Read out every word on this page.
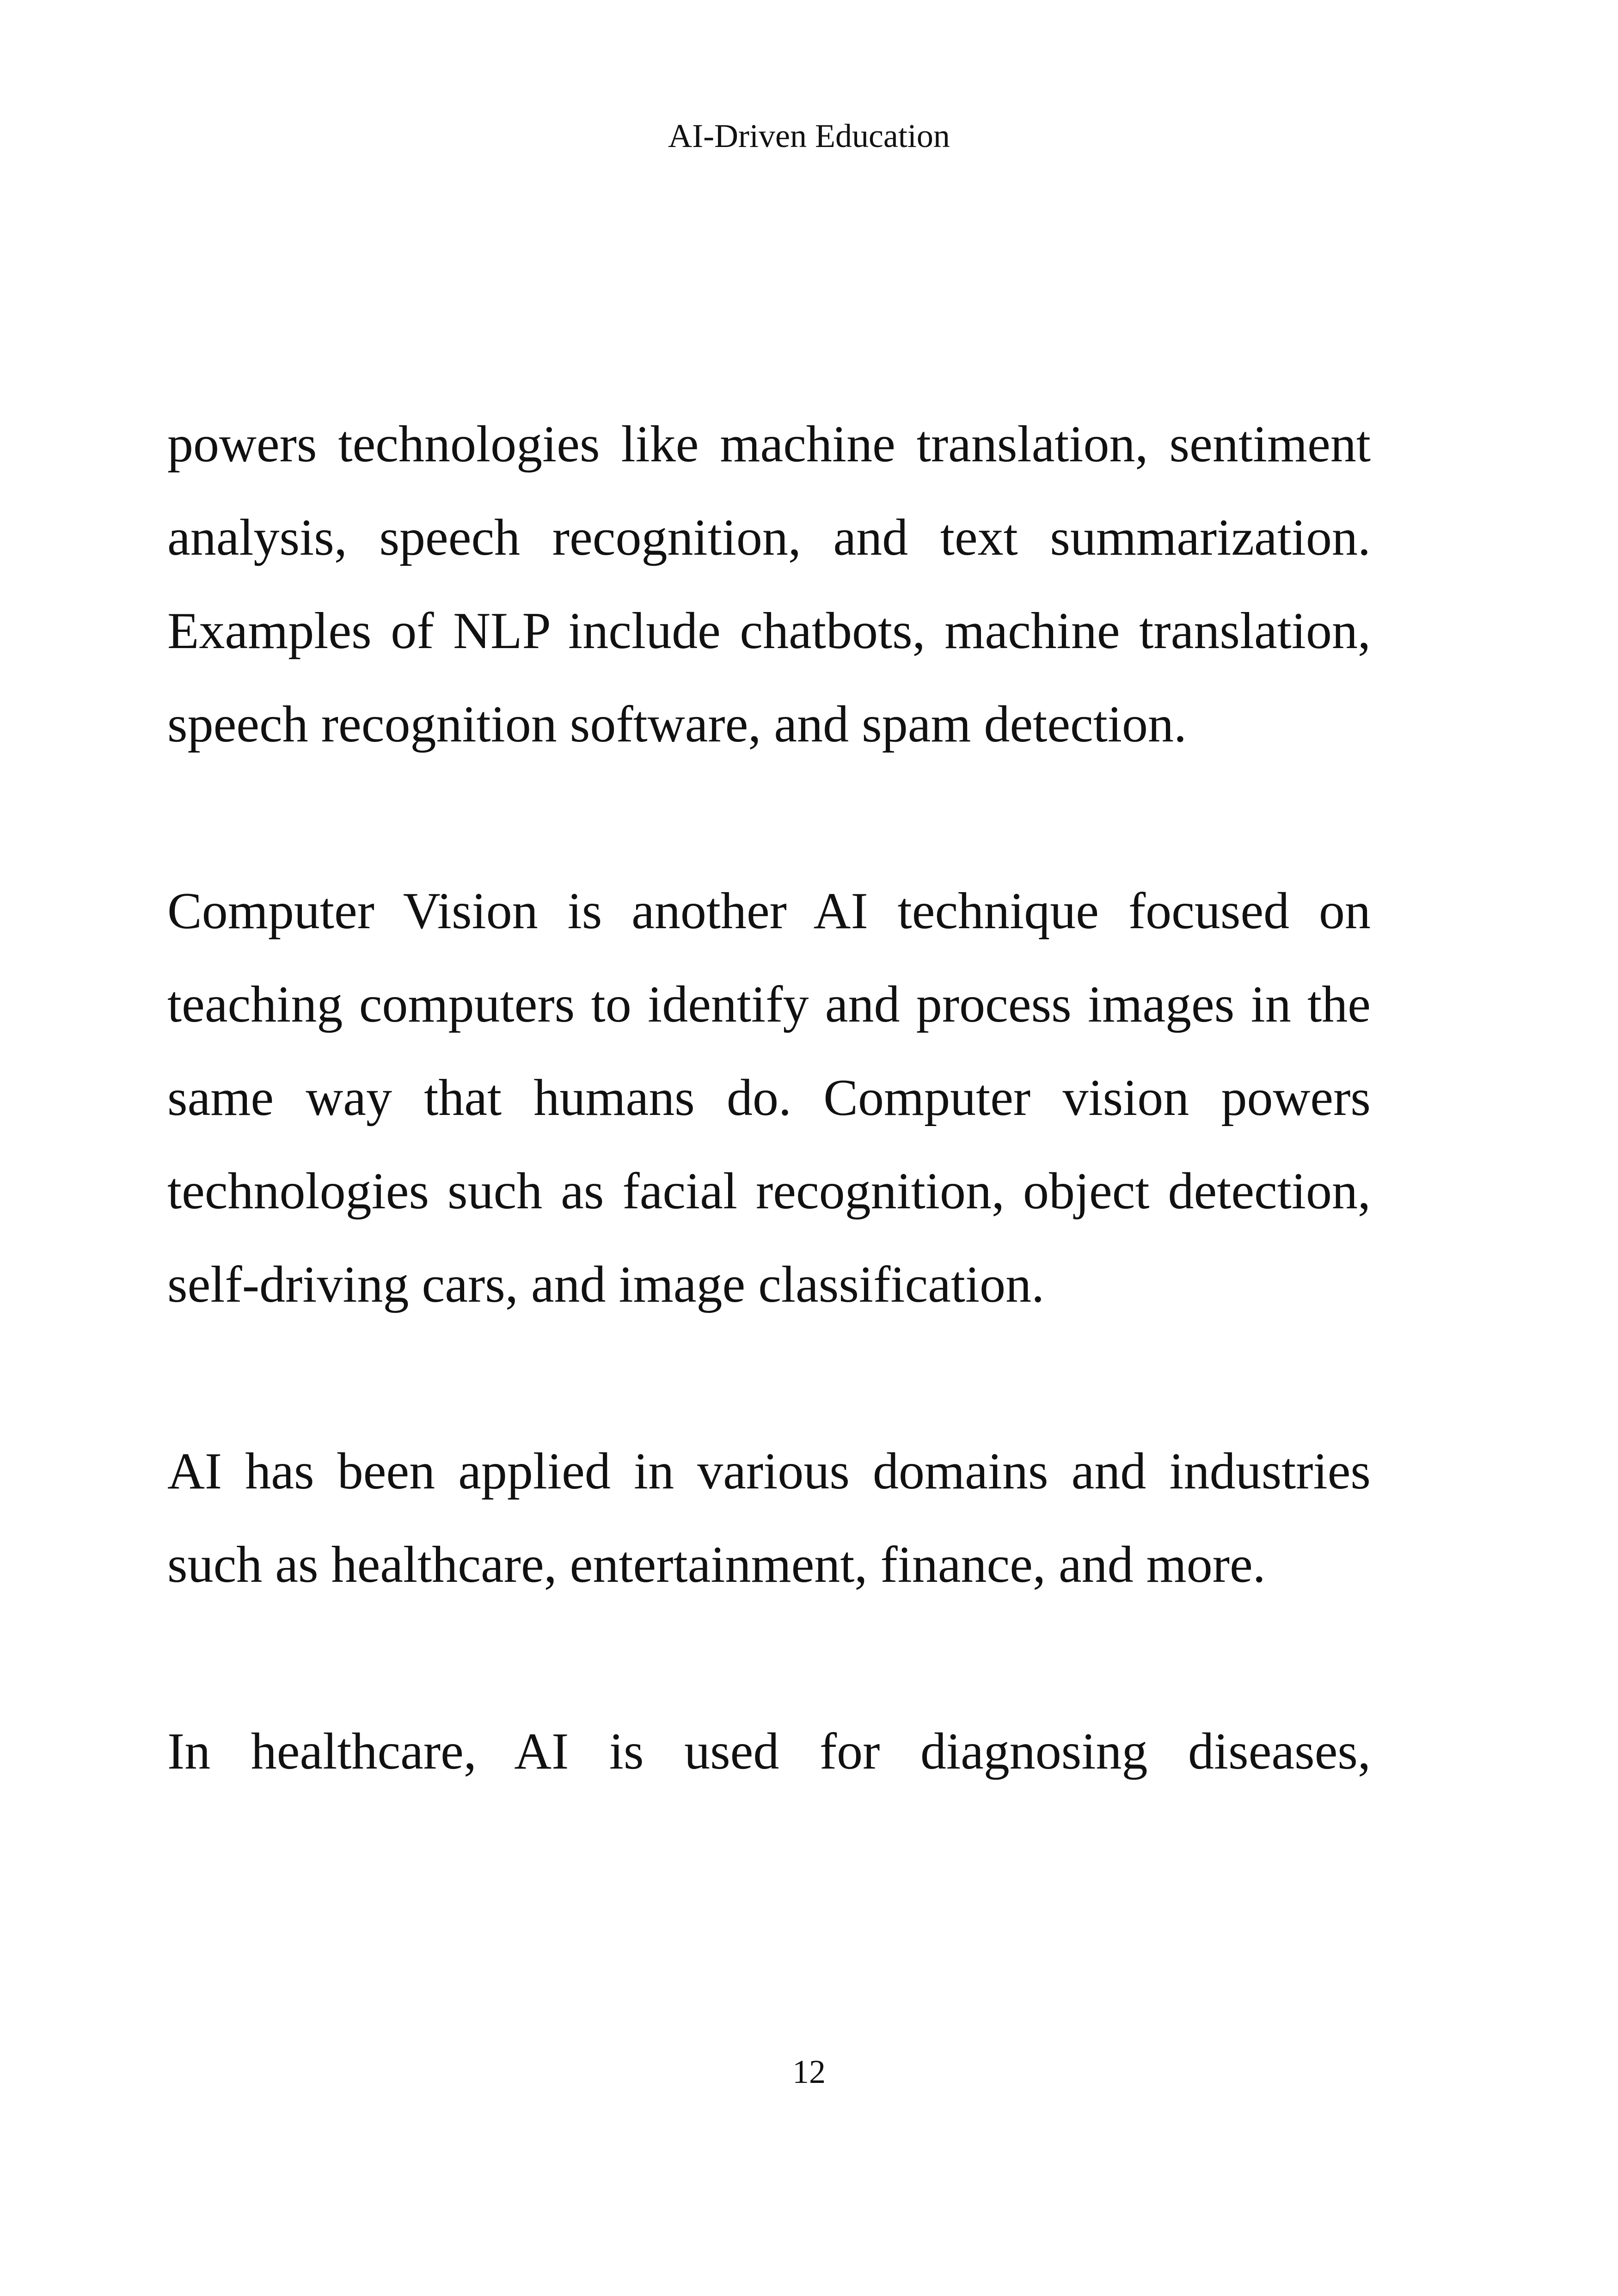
AI-Driven Education

powers technologies like machine translation, sentiment analysis, speech recognition, and text summarization. Examples of NLP include chatbots, machine translation, speech recognition software, and spam detection.

Computer Vision is another AI technique focused on teaching computers to identify and process images in the same way that humans do. Computer vision powers technologies such as facial recognition, object detection, self-driving cars, and image classification.

AI has been applied in various domains and industries such as healthcare, entertainment, finance, and more.

In healthcare, AI is used for diagnosing diseases,

12
